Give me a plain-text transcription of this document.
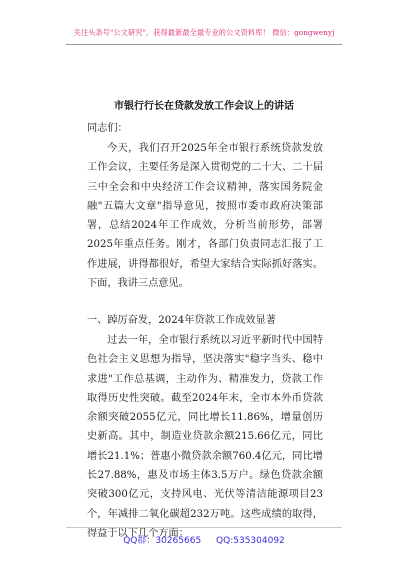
关注头条号"公文研究"，获得最新最全最专业的公文资料库！ 微信：gongwenyj
市银行行长在贷款发放工作会议上的讲话
同志们：
今天，我们召开2025年全市银行系统贷款发放工作会议，主要任务是深入贯彻党的二十大、二十届三中全会和中央经济工作会议精神，落实国务院金融"五篇大文章"指导意见，按照市委市政府决策部署，总结2024年工作成效，分析当前形势，部署2025年重点任务。刚才，各部门负责同志汇报了工作进展，讲得都很好，希望大家结合实际抓好落实。下面，我讲三点意见。
一、踔厉奋发，2024年贷款工作成效显著
过去一年，全市银行系统以习近平新时代中国特色社会主义思想为指导，坚决落实"稳字当头、稳中求进"工作总基调，主动作为、精准发力，贷款工作取得历史性突破。截至2024年末，全市本外币贷款余额突破2055亿元，同比增长11.86%，增量创历史新高。其中，制造业贷款余额215.66亿元，同比增长21.1%；普惠小微贷款余额760.4亿元，同比增长27.88%，惠及市场主体3.5万户。绿色贷款余额突破300亿元，支持风电、光伏等清洁能源项目23个，年减排二氧化碳超232万吨。这些成绩的取得，得益于以下几个方面：
QQ群：30265665 QQ:535304092
